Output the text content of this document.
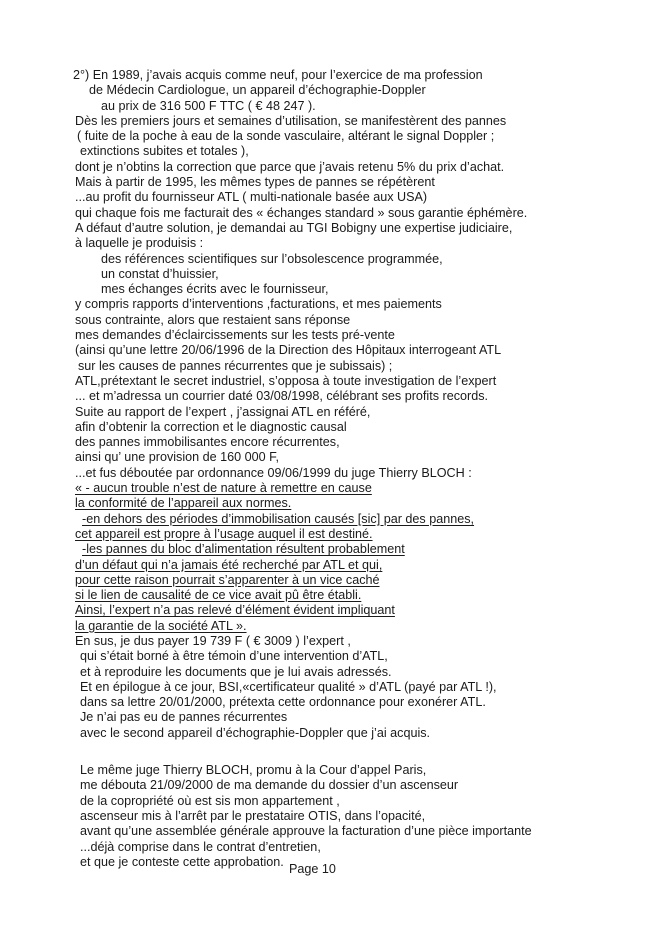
2°) En 1989, j’avais acquis comme neuf, pour l’exercice de ma profession
de Médecin Cardiologue, un appareil d’échographie-Doppler
au prix de 316 500 F TTC ( € 48 247 ).
Dès les premiers jours et semaines d’utilisation, se manifestèrent des pannes
( fuite de la poche à eau de la sonde vasculaire, altérant le signal Doppler ;
extinctions subites et totales ),
dont je n’obtins la correction que parce que j’avais retenu 5% du prix d’achat.
Mais à partir de 1995, les mêmes types de pannes se répétèrent
...au profit du fournisseur ATL ( multi-nationale basée aux USA)
qui chaque fois me facturait des « échanges standard » sous garantie éphémère.
A défaut d’autre solution, je demandai au TGI Bobigny une expertise judiciaire,
à laquelle je produisis :
des références scientifiques sur l’obsolescence programmée,
un constat d’huissier,
mes échanges écrits avec le fournisseur,
y compris rapports d’interventions ,facturations, et mes paiements
sous contrainte, alors que restaient sans réponse
mes demandes d’éclaircissements sur les tests pré-vente
(ainsi qu’une lettre 20/06/1996 de la Direction des Hôpitaux interrogeant ATL
sur les causes de pannes récurrentes que je subissais) ;
ATL,prétextant le secret industriel, s’opposa à toute investigation de l’expert
... et m’adressa un courrier daté 03/08/1998, célébrant ses profits records.
Suite au rapport de l’expert , j’assignai ATL en référé,
afin d’obtenir la correction et le diagnostic causal
des pannes immobilisantes encore récurrentes,
ainsi qu’ une provision de 160 000 F,
...et fus déboutée par ordonnance 09/06/1999 du juge Thierry BLOCH :
« - aucun trouble n’est de nature à remettre en cause
la conformité de l’appareil aux normes.
-en dehors des périodes d’immobilisation causés [sic] par des pannes,
cet appareil est propre à l’usage auquel il est destiné.
-les pannes du bloc d’alimentation résultent probablement
d’un défaut qui n’a jamais été recherché par ATL et qui,
pour cette raison pourrait s’apparenter à un vice caché
si le lien de causalité de ce vice avait pû être établi.
Ainsi, l’expert n’a pas relevé d’élément évident impliquant
la garantie de la société ATL ».
En sus, je dus payer 19 739 F ( € 3009 ) l’expert ,
qui s’était borné à être témoin d’une intervention d’ATL,
et à reproduire les documents que je lui avais adressés.
Et en épilogue à ce jour, BSI,«certificateur qualité » d’ATL (payé par ATL !),
dans sa lettre 20/01/2000, prétexta cette ordonnance pour exonérer ATL.
Je n’ai pas eu de pannes récurrentes
avec le second appareil d’échographie-Doppler que j’ai acquis.
Le même juge Thierry BLOCH, promu à la Cour d’appel Paris,
me débouta 21/09/2000 de ma demande du dossier d’un ascenseur
de la copropriété où est sis mon appartement ,
ascenseur mis à l’arrêt par le prestataire OTIS, dans l’opacité,
avant qu’une assemblée générale approuve la facturation d’une pièce importante
...déjà comprise dans le contrat d’entretien,
et que je conteste cette approbation.
Page 10
